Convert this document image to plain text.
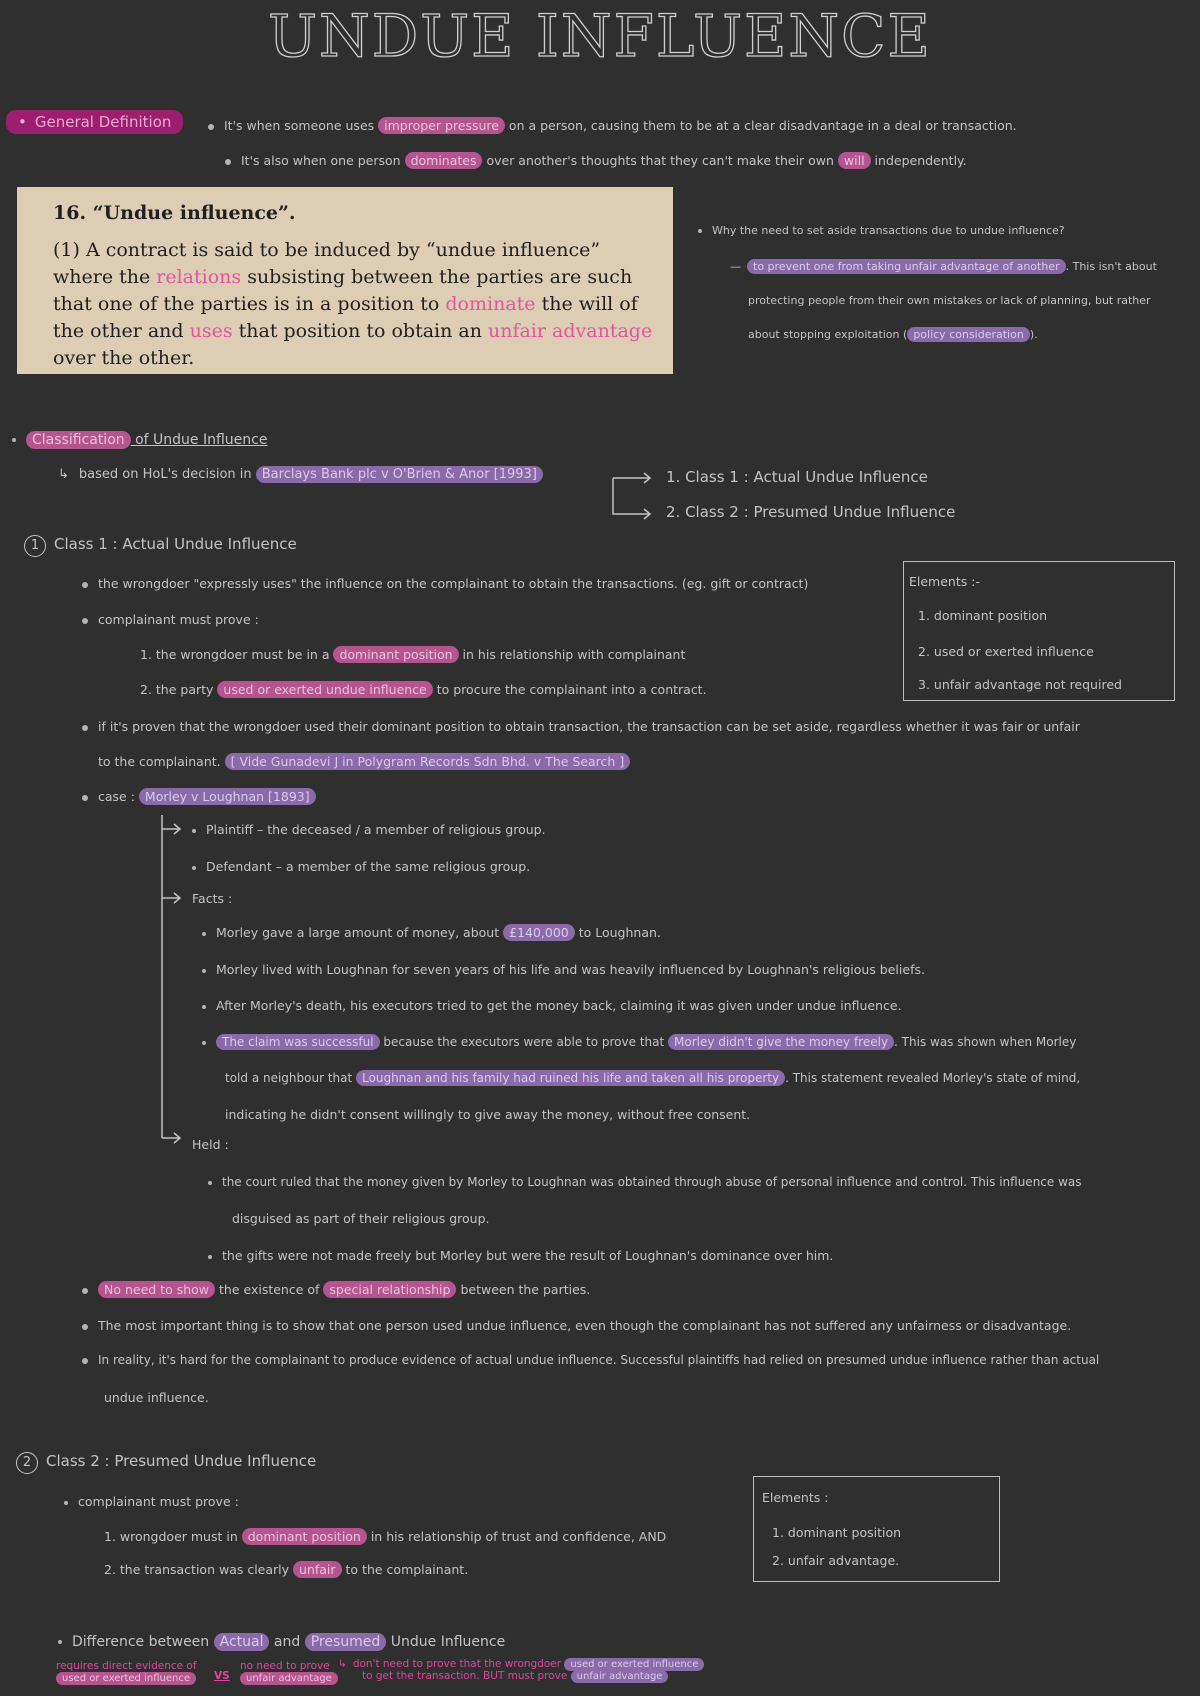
UNDUE INFLUENCE
• General Definition	It's when someone uses improper pressure on a person, causing them to be at a clear disadvantage in a deal or transaction.
It's also when one person dominates over another's thoughts that they can't make their own will independently.
16. “Undue influence”.
(1) A contract is said to be induced by “undue influence” where the relations subsisting between the parties are such that one of the parties is in a position to dominate the will of the other and uses that position to obtain an unfair advantage over the other.
Why the need to set aside transactions due to undue influence?
— to prevent one from taking unfair advantage of another . This isn't about
protecting people from their own mistakes or lack of planning, but rather
about stopping exploitation ( policy consideration ).
Classification of Undue Influence
↳ based on HoL's decision in Barclays Bank plc v O'Brien & Anor [1993]	1. Class 1 : Actual Undue Influence
2. Class 2 : Presumed Undue Influence
1 Class 1 : Actual Undue Influence
the wrongdoer "expressly uses" the influence on the complainant to obtain the transactions. (eg. gift or contract)
complainant must prove :
1. the wrongdoer must be in a dominant position in his relationship with complainant
2. the party used or exerted undue influence to procure the complainant into a contract.
if it's proven that the wrongdoer used their dominant position to obtain transaction, the transaction can be set aside, regardless whether it was fair or unfair
to the complainant. [ Vide Gunadevi J in Polygram Records Sdn Bhd. v The Search ]
case : Morley v Loughnan [1893]
Plaintiff – the deceased / a member of religious group.
Defendant – a member of the same religious group.
Facts :
Morley gave a large amount of money, about £140,000 to Loughnan.
Morley lived with Loughnan for seven years of his life and was heavily influenced by Loughnan's religious beliefs.
After Morley's death, his executors tried to get the money back, claiming it was given under undue influence.
The claim was successful because the executors were able to prove that Morley didn't give the money freely . This was shown when Morley
told a neighbour that Loughnan and his family had ruined his life and taken all his property . This statement revealed Morley's state of mind,
indicating he didn't consent willingly to give away the money, without free consent.
Held :
the court ruled that the money given by Morley to Loughnan was obtained through abuse of personal influence and control. This influence was
disguised as part of their religious group.
the gifts were not made freely but Morley but were the result of Loughnan's dominance over him.
No need to show the existence of special relationship between the parties.
The most important thing is to show that one person used undue influence, even though the complainant has not suffered any unfairness or disadvantage.
In reality, it's hard for the complainant to produce evidence of actual undue influence. Successful plaintiffs had relied on presumed undue influence rather than actual
undue influence.
Elements :-
1. dominant position
2. used or exerted influence
3. unfair advantage not required
2 Class 2 : Presumed Undue Influence
complainant must prove :
1. wrongdoer must in dominant position in his relationship of trust and confidence, AND
2. the transaction was clearly unfair to the complainant.
Elements :
1. dominant position
2. unfair advantage.
Difference between Actual and Presumed Undue Influence
requires direct evidence of
used or exerted influence	VS
no need to prove
unfair advantage
↳ don't need to prove that the wrongdoer used or exerted influence
to get the transaction. BUT must prove unfair advantage
